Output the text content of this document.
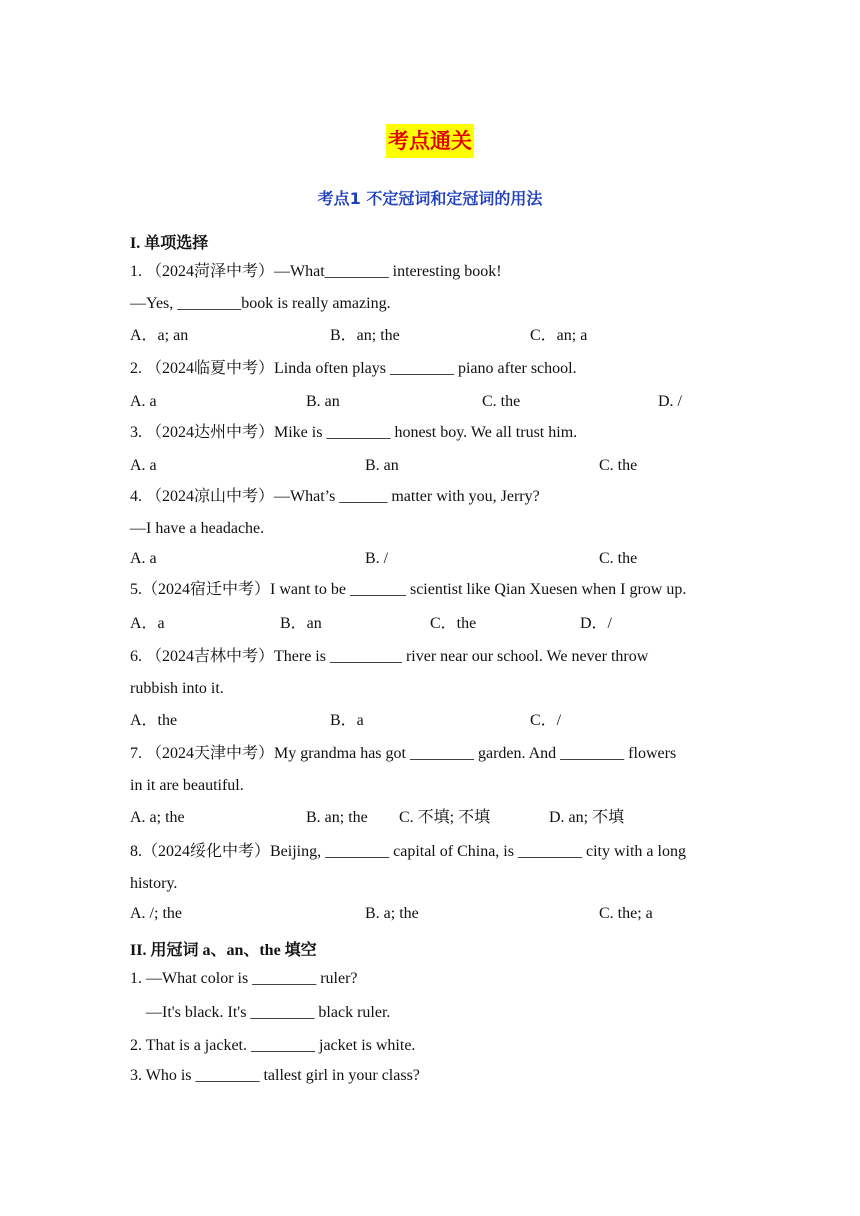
考点通关
考点1 不定冠词和定冠词的用法
I. 单项选择
1. （2024菏泽中考）—What________ interesting book!
—Yes, ________book is really amazing.
A．a; an	B．an; the	C．an; a
2. （2024临夏中考）Linda often plays ________ piano after school.
A. a	B. an	C. the	D. /
3. （2024达州中考）Mike is ________ honest boy. We all trust him.
A. a	B. an	C. the
4. （2024凉山中考）—What’s ______ matter with you, Jerry?
—I have a headache.
A. a	B. /	C. the
5.（2024宿迁中考）I want to be _______ scientist like Qian Xuesen when I grow up.
A．a	B．an	C．the	D．/
6. （2024吉林中考）There is _________ river near our school. We never throw
rubbish into it.
A．the	B．a	C．/
7. （2024天津中考）My grandma has got ________ garden. And ________ flowers
in it are beautiful.
A. a; the	B. an; the C. 不填; 不填	D. an; 不填
8.（2024绥化中考）Beijing, ________ capital of China, is ________ city with a long
history.
A. /; the	B. a; the	C. the; a
II. 用冠词 a、an、the 填空
1. —What color is ________ ruler?
—It's black. It's ________ black ruler.
2. That is a jacket. ________ jacket is white.
3. Who is ________ tallest girl in your class?
